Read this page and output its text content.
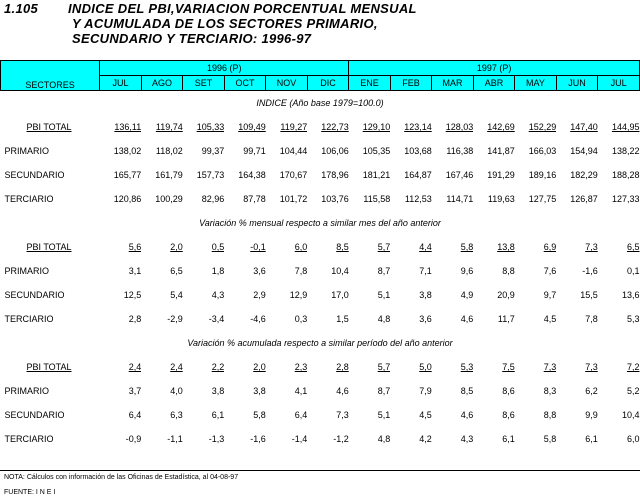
1.105 INDICE DEL PBI,VARIACION PORCENTUAL MENSUAL
Y ACUMULADA DE LOS SECTORES PRIMARIO,
SECUNDARIO Y TERCIARIO: 1996-97
SECTORES	1996 (P)						1997 (P)						
	JUL	AGO	SET	OCT	NOV	DIC	ENE	FEB	MAR	ABR	MAY	JUN	JUL
INDICE (Año base 1979=100.0)													
PBI TOTAL	136,11	119,74	105,33	109,49	119,27	122,73	129,10	123,14	128,03	142,69	152,29	147,40	144,95
PRIMARIO	138,02	118,02	99,37	99,71	104,44	106,06	105,35	103,68	116,38	141,87	166,03	154,94	138,22
SECUNDARIO	165,77	161,79	157,73	164,38	170,67	178,96	181,21	164,87	167,46	191,29	189,16	182,29	188,28
TERCIARIO	120,86	100,29	82,96	87,78	101,72	103,76	115,58	112,53	114,71	119,63	127,75	126,87	127,33
Variación % mensual respecto a similar mes del año anterior													
PBI TOTAL	5,6	2,0	0,5	-0,1	6,0	8,5	5,7	4,4	5,8	13,8	6,9	7,3	6,5
PRIMARIO	3,1	6,5	1,8	3,6	7,8	10,4	8,7	7,1	9,6	8,8	7,6	-1,6	0,1
SECUNDARIO	12,5	5,4	4,3	2,9	12,9	17,0	5,1	3,8	4,9	20,9	9,7	15,5	13,6
TERCIARIO	2,8	-2,9	-3,4	-4,6	0,3	1,5	4,8	3,6	4,6	11,7	4,5	7,8	5,3
Variación % acumulada respecto a similar período del año anterior													
PBI TOTAL	2,4	2,4	2,2	2,0	2,3	2,8	5,7	5,0	5,3	7,5	7,3	7,3	7,2
PRIMARIO	3,7	4,0	3,8	3,8	4,1	4,6	8,7	7,9	8,5	8,6	8,3	6,2	5,2
SECUNDARIO	6,4	6,3	6,1	5,8	6,4	7,3	5,1	4,5	4,6	8,6	8,8	9,9	10,4
TERCIARIO	-0,9	-1,1	-1,3	-1,6	-1,4	-1,2	4,8	4,2	4,3	6,1	5,8	6,1	6,0
NOTA: Cálculos con información de las Oficinas de Estadística, al 04-08-97
FUENTE: I N E I
